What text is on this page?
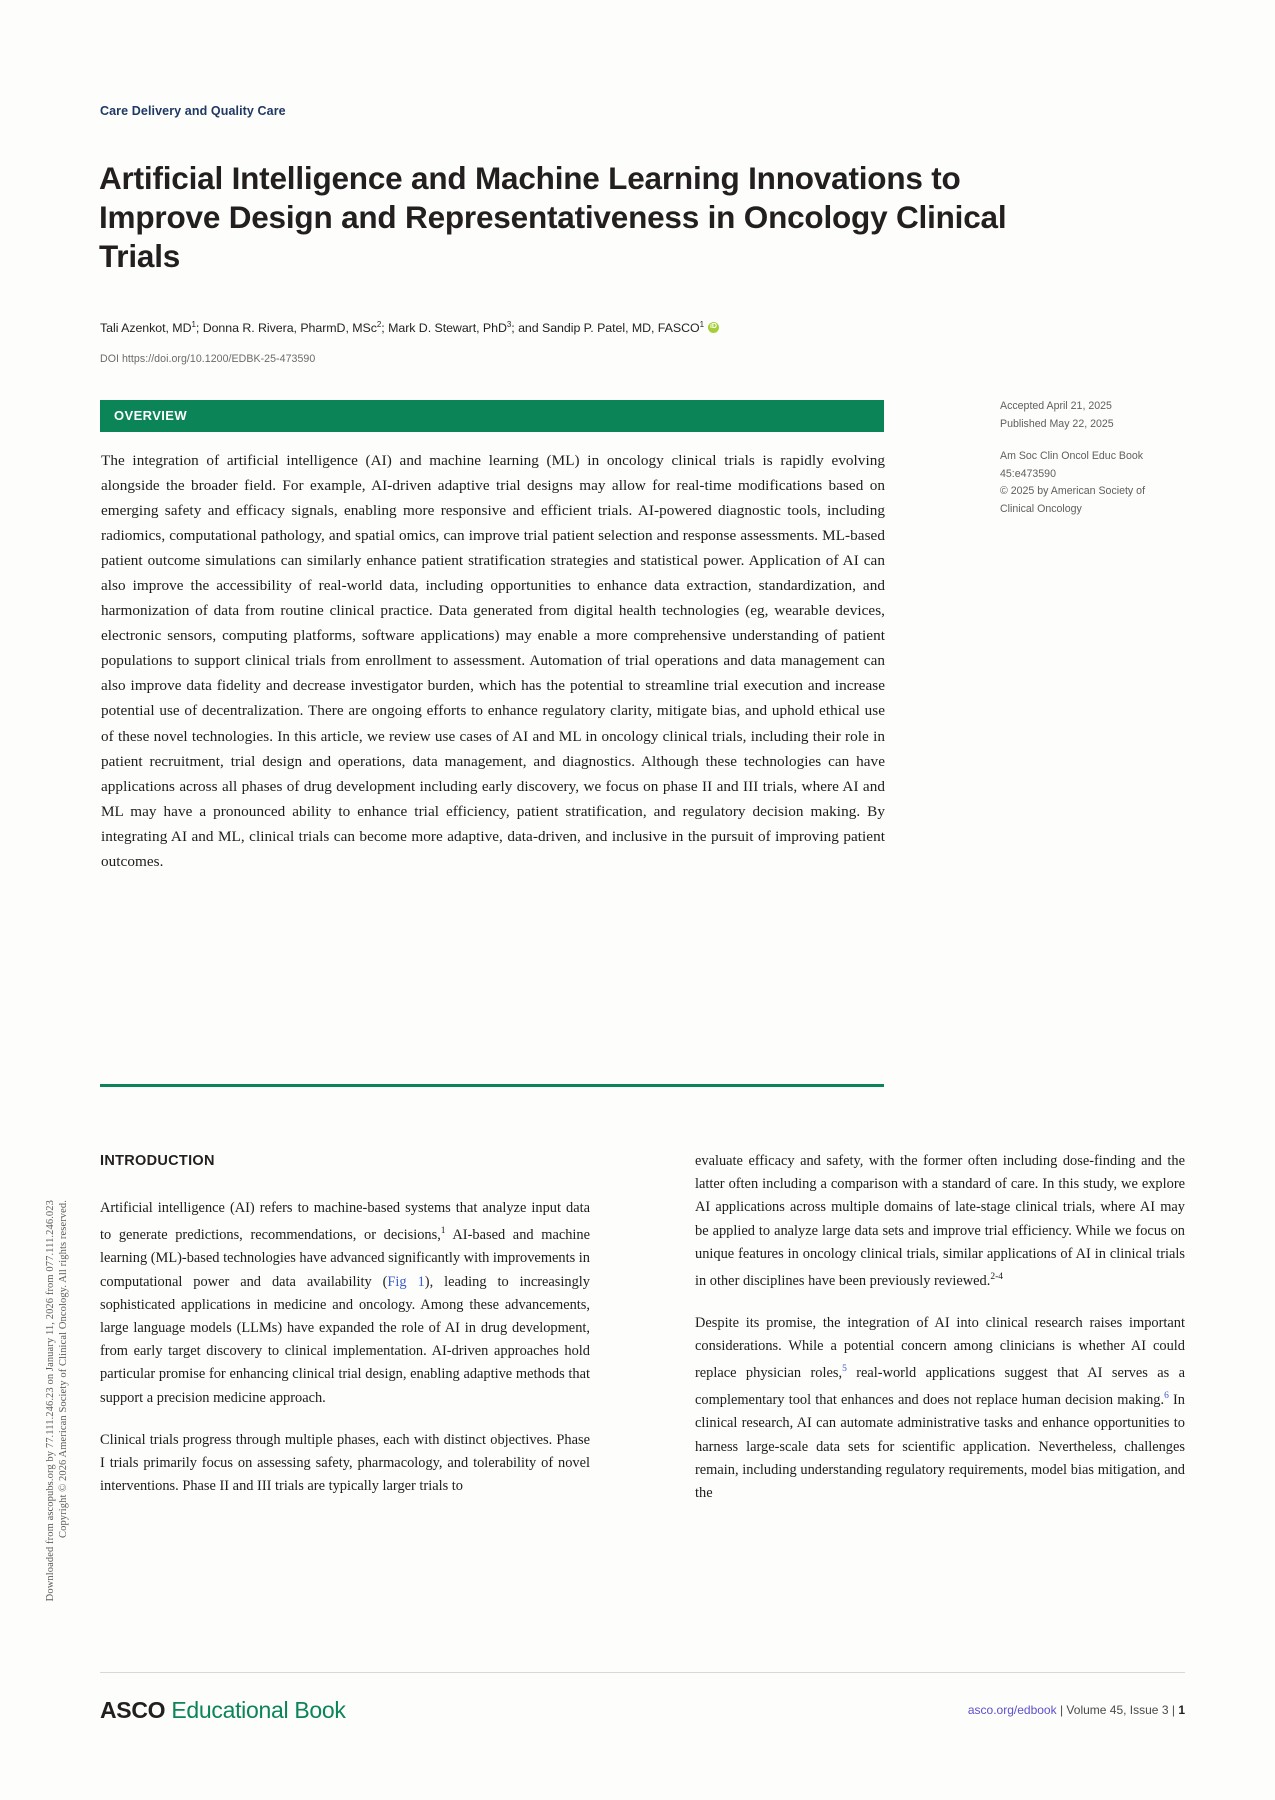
Downloaded from ascopubs.org by 77.111.246.23 on January 11, 2026 from 077.111.246.023 Copyright © 2026 American Society of Clinical Oncology. All rights reserved.
Care Delivery and Quality Care
Artificial Intelligence and Machine Learning Innovations to Improve Design and Representativeness in Oncology Clinical Trials
Tali Azenkot, $MD^1$; Donna R. Rivera, PharmD, MSc$^2$; Mark D. Stewart, PhD$^3$; and Sandip P. Patel, MD, FASCO$^1$iD
DOI https://doi.org/10.1200/EDBK-25-473590
OVERVIEW
The integration of artificial intelligence (AI) and machine learning (ML) in oncology clinical trials is rapidly evolving alongside the broader field. For example, AI-driven adaptive trial designs may allow for real-time modifications based on emerging safety and efficacy signals, enabling more responsive and efficient trials. AI-powered diagnostic tools, including radiomics, computational pathology, and spatial omics, can improve trial patient selection and response assessments. ML-based patient outcome simulations can similarly enhance patient stratification strategies and statistical power. Application of AI can also improve the accessibility of real-world data, including opportunities to enhance data extraction, standardization, and harmonization of data from routine clinical practice. Data generated from digital health technologies (eg, wearable devices, electronic sensors, computing platforms, software applications) may enable a more comprehensive understanding of patient populations to support clinical trials from enrollment to assessment. Automation of trial operations and data management can also improve data fidelity and decrease investigator burden, which has the potential to streamline trial execution and increase potential use of decentralization. There are ongoing efforts to enhance regulatory clarity, mitigate bias, and uphold ethical use of these novel technologies. In this article, we review use cases of AI and ML in oncology clinical trials, including their role in patient recruitment, trial design and operations, data management, and diagnostics. Although these technologies can have applications across all phases of drug development including early discovery, we focus on phase II and III trials, where AI and ML may have a pronounced ability to enhance trial efficiency, patient stratification, and regulatory decision making. By integrating AI and ML, clinical trials can become more adaptive, data-driven, and inclusive in the pursuit of improving patient outcomes.
Accepted April 21, 2025
Published May 22, 2025
Am Soc Clin Oncol Educ Book
45:e473590
© 2025 by American Society of
Clinical Oncology
INTRODUCTION

Artificial intelligence (AI) refers to machine-based systems that analyze input data to generate predictions, recommendations, or decisions,$^1$ AI-based and machine learning (ML)-based technologies have advanced significantly with improvements in computational power and data availability (Fig 1), leading to increasingly sophisticated applications in medicine and oncology. Among these advancements, large language models (LLMs) have expanded the role of AI in drug development, from early target discovery to clinical implementation. AI-driven approaches hold particular promise for enhancing clinical trial design, enabling adaptive methods that support a precision medicine approach.

Clinical trials progress through multiple phases, each with distinct objectives. Phase I trials primarily focus on assessing safety, pharmacology, and tolerability of novel interventions. Phase II and III trials are typically larger trials to

evaluate efficacy and safety, with the former often including dose-finding and the latter often including a comparison with a standard of care. In this study, we explore AI applications across multiple domains of late-stage clinical trials, where AI may be applied to analyze large data sets and improve trial efficiency. While we focus on unique features in oncology clinical trials, similar applications of AI in clinical trials in other disciplines have been previously reviewed.$^{2-4}$

Despite its promise, the integration of AI into clinical research raises important considerations. While a potential concern among clinicians is whether AI could replace physician roles,$^5$ real-world applications suggest that AI serves as a complementary tool that enhances and does not replace human decision making.$^6$ In clinical research, AI can automate administrative tasks and enhance opportunities to harness large-scale data sets for scientific application. Nevertheless, challenges remain, including understanding regulatory requirements, model bias mitigation, and the

ASCO Educational Book	asco.org/edbook | Volume 45, Issue 3 | 1
